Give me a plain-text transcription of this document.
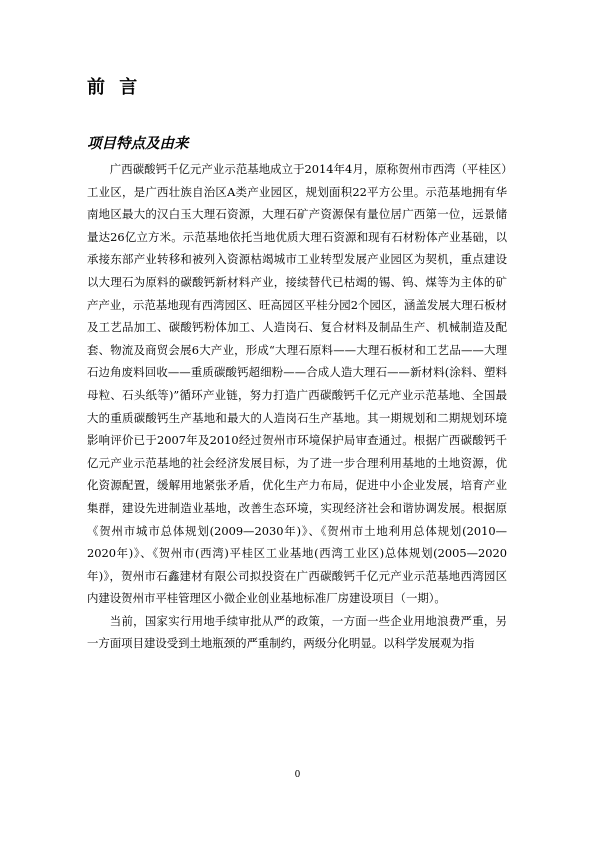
前 言
项目特点及由来

广西碳酸钙千亿元产业示范基地成立于2014年4月，原称贺州市西湾（平桂区）工业区，是广西壮族自治区A类产业园区，规划面积22平方公里。示范基地拥有华南地区最大的汉白玉大理石资源，大理石矿产资源保有量位居广西第一位，远景储量达26亿立方米。示范基地依托当地优质大理石资源和现有石材粉体产业基础，以承接东部产业转移和被列入资源枯竭城市工业转型发展产业园区为契机，重点建设以大理石为原料的碳酸钙新材料产业，接续替代已枯竭的锡、钨、煤等为主体的矿产产业，示范基地现有西湾园区、旺高园区平桂分园2个园区，涵盖发展大理石板材及工艺品加工、碳酸钙粉体加工、人造岗石、复合材料及制品生产、机械制造及配套、物流及商贸会展6大产业，形成“大理石原料——大理石板材和工艺品——大理石边角废料回收——重质碳酸钙超细粉——合成人造大理石——新材料(涂料、塑料母粒、石头纸等)”循环产业链，努力打造广西碳酸钙千亿元产业示范基地、全国最大的重质碳酸钙生产基地和最大的人造岗石生产基地。其一期规划和二期规划环境影响评价已于2007年及2010经过贺州市环境保护局审查通过。根据广西碳酸钙千亿元产业示范基地的社会经济发展目标，为了进一步合理利用基地的土地资源，优化资源配置，缓解用地紧张矛盾，优化生产力布局，促进中小企业发展，培育产业集群，建设先进制造业基地，改善生态环境，实现经济社会和谐协调发展。根据原《贺州市城市总体规划(2009—2030年)》、《贺州市土地利用总体规划(2010—2020年)》、《贺州市(西湾)平桂区工业基地(西湾工业区)总体规划(2005—2020年)》，贺州市石鑫建材有限公司拟投资在广西碳酸钙千亿元产业示范基地西湾园区内建设贺州市平桂管理区小微企业创业基地标准厂房建设项目（一期）。

当前，国家实行用地手续审批从严的政策，一方面一些企业用地浪费严重，另一方面项目建设受到土地瓶颈的严重制约，两级分化明显。以科学发展观为指

0
